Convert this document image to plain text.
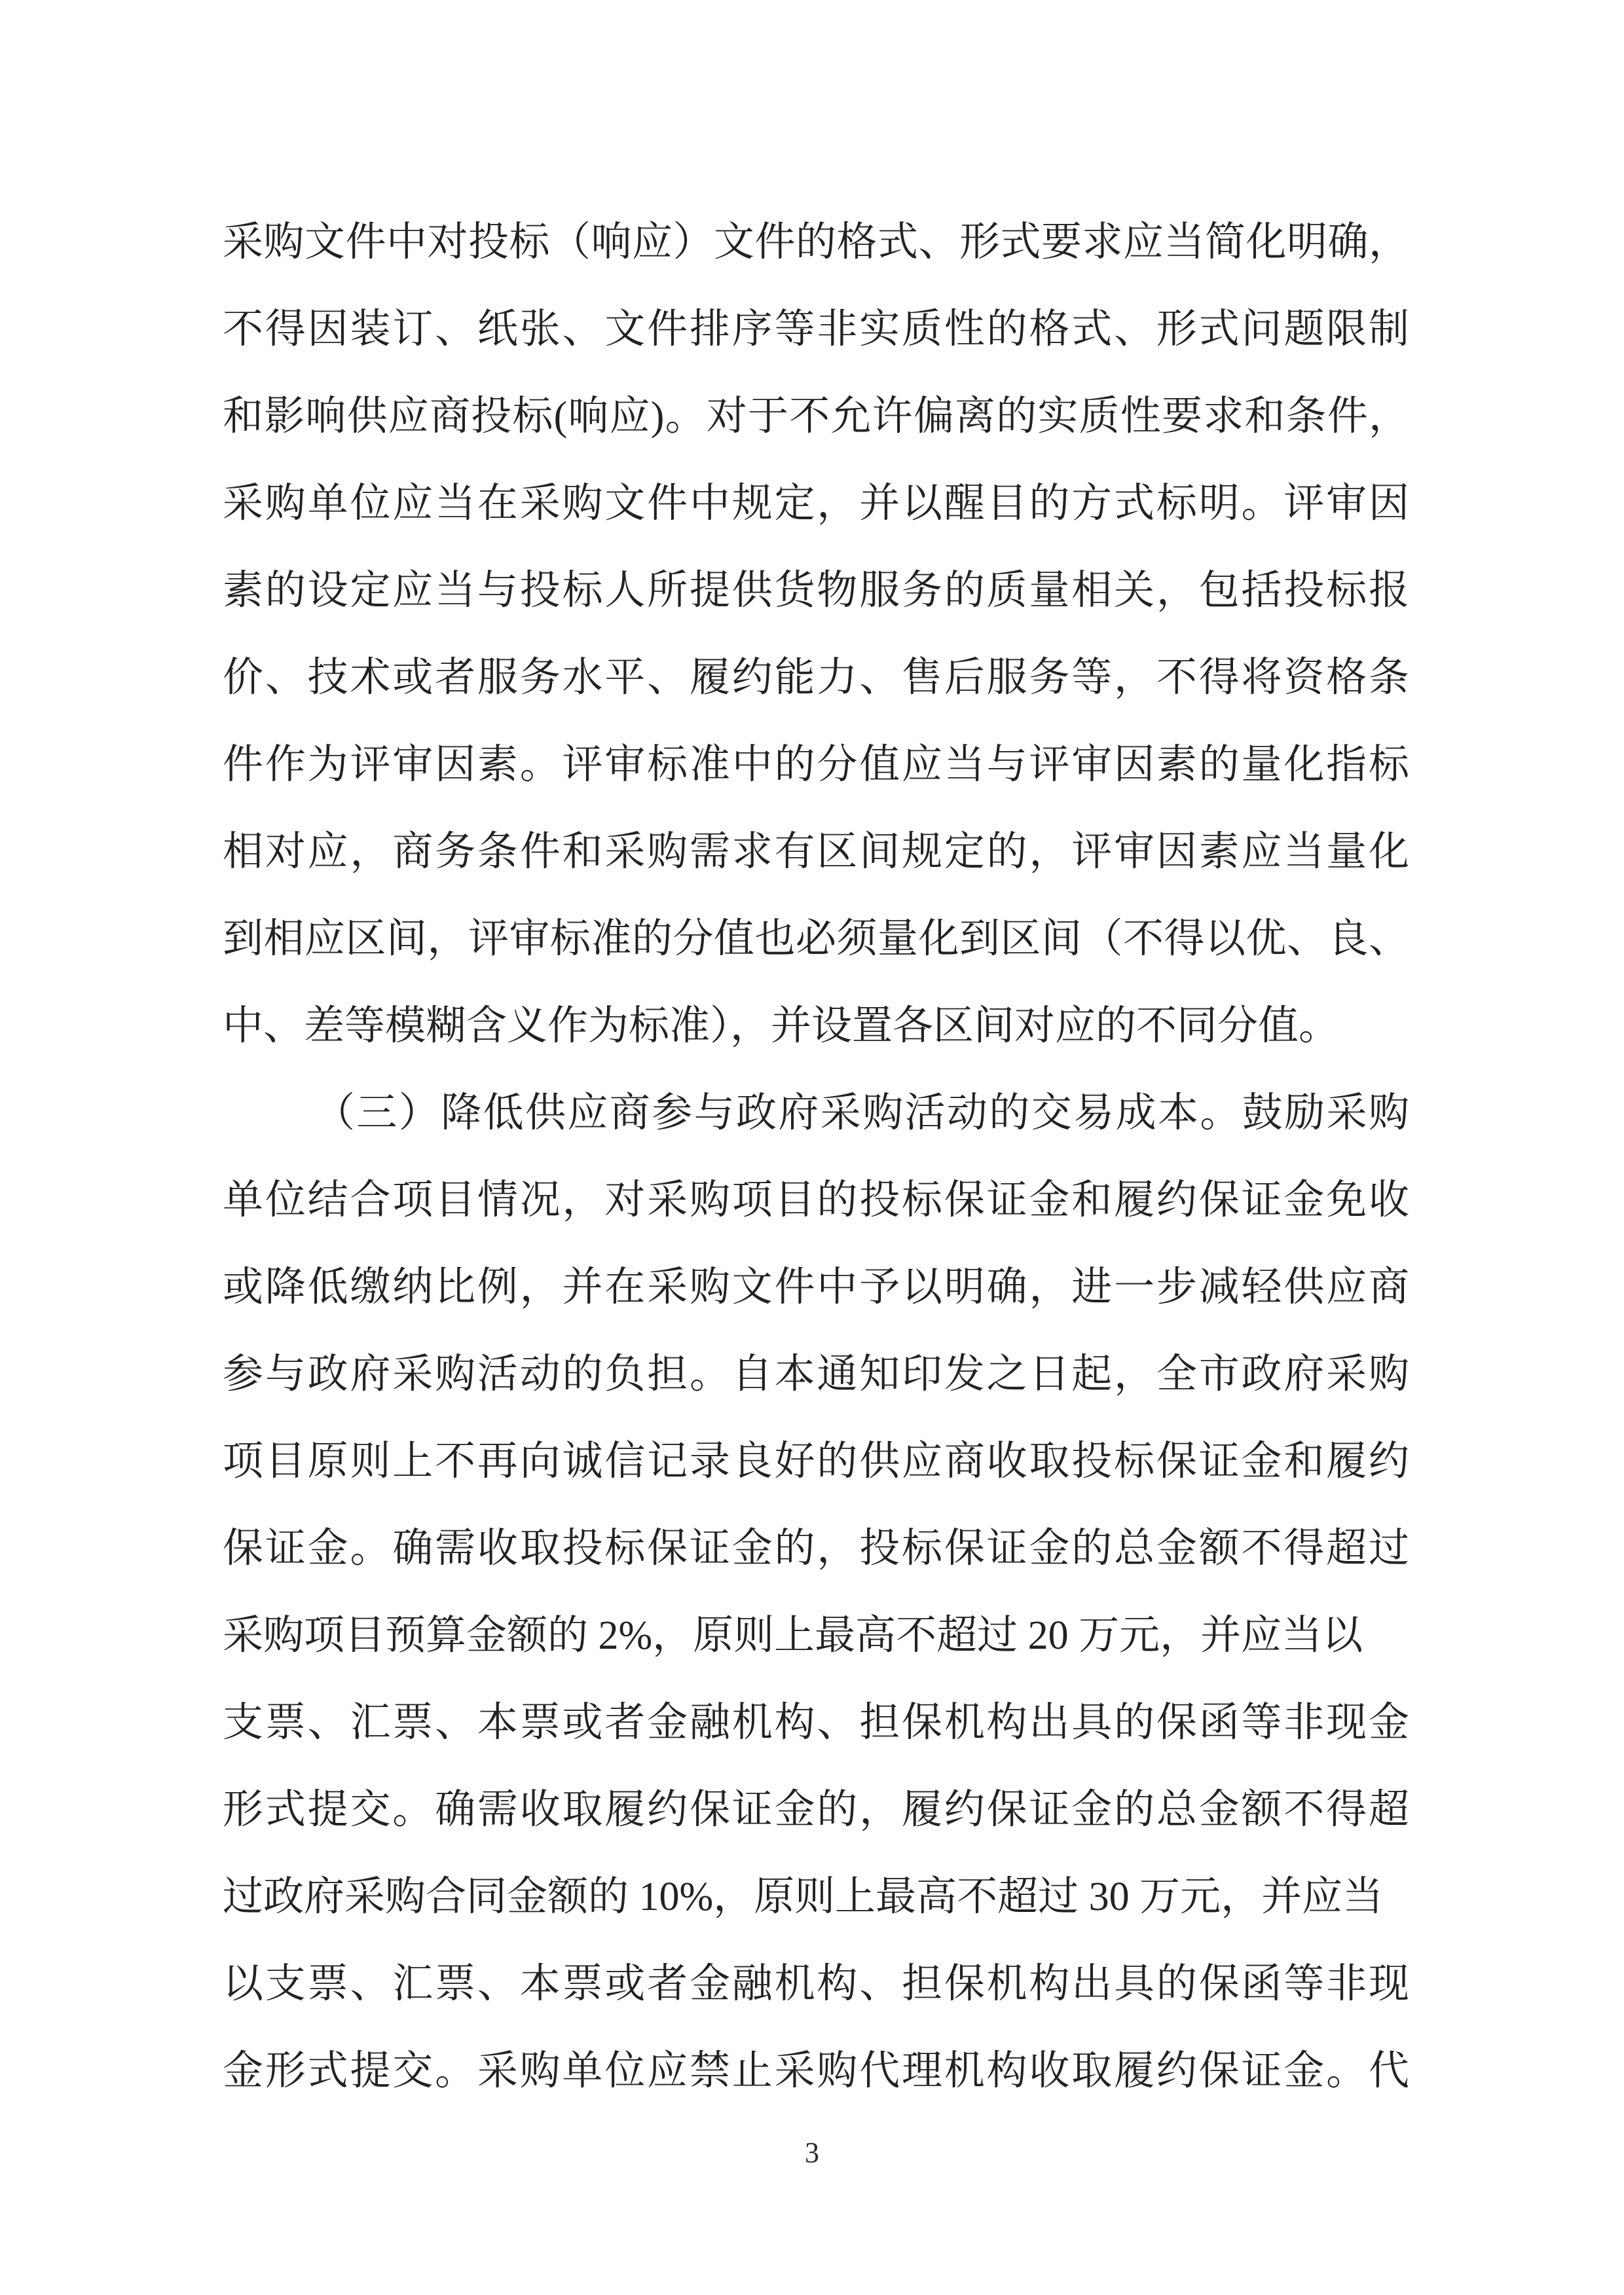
采购文件中对投标（响应）文件的格式、形式要求应当简化明确，
不得因装订、纸张、文件排序等非实质性的格式、形式问题限制
和影响供应商投标(响应)。对于不允许偏离的实质性要求和条件，
采购单位应当在采购文件中规定，并以醒目的方式标明。评审因
素的设定应当与投标人所提供货物服务的质量相关，包括投标报
价、技术或者服务水平、履约能力、售后服务等，不得将资格条
件作为评审因素。评审标准中的分值应当与评审因素的量化指标
相对应，商务条件和采购需求有区间规定的，评审因素应当量化
到相应区间，评审标准的分值也必须量化到区间（不得以优、良、
中、差等模糊含义作为标准），并设置各区间对应的不同分值。
（三）降低供应商参与政府采购活动的交易成本。鼓励采购
单位结合项目情况，对采购项目的投标保证金和履约保证金免收
或降低缴纳比例，并在采购文件中予以明确，进一步减轻供应商
参与政府采购活动的负担。自本通知印发之日起，全市政府采购
项目原则上不再向诚信记录良好的供应商收取投标保证金和履约
保证金。确需收取投标保证金的，投标保证金的总金额不得超过
采购项目预算金额的 2%，原则上最高不超过 20 万元，并应当以
支票、汇票、本票或者金融机构、担保机构出具的保函等非现金
形式提交。确需收取履约保证金的，履约保证金的总金额不得超
过政府采购合同金额的 10%，原则上最高不超过 30 万元，并应当
以支票、汇票、本票或者金融机构、担保机构出具的保函等非现
金形式提交。采购单位应禁止采购代理机构收取履约保证金。代
3
